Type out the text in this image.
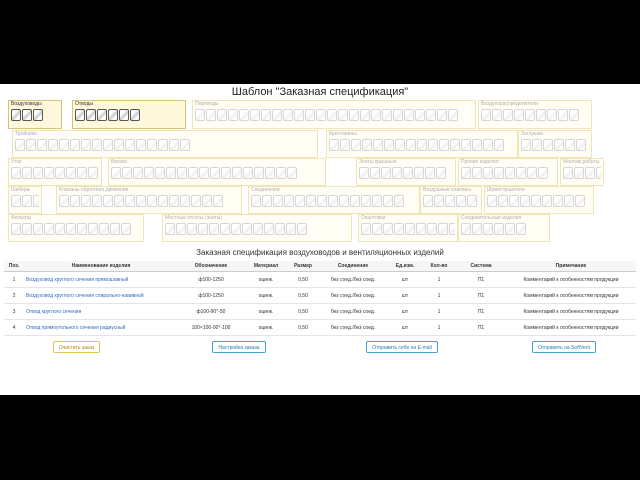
Шаблон "Заказная спецификация"
Воздуховоды	Отводы	Переходы	Воздухораспределители
Тройники	Крестовины	Заглушки
Утки	Врезки	Зонты крышные	Прочие изделия	Монтаж работы
Шиберы	Клапаны обратного движения	Соединения	Воздушные клапаны	Шумоглушители
Фильтры	Местные отсосы (зонты)	Окантовки	Соединительные изделия
Заказная спецификация воздуховодов и вентиляционных изделий
Поз.	Наименование изделия	Обозначение	Материал	Размер	Соединение	Ед.изм.	Кол-во	Система	Примечание
1	Воздуховод круглого сечения прямошовный	ф100-1250	оцинк.	0,50	без соед./без соед.	шт	1	П1	Комментарий к особенностям продукции
2	Воздуховод круглого сечения спирально-навивной	ф100-1250	оцинк.	0,50	без соед./без соед.	шт	1	П1	Комментарий к особенностям продукции
3	Отвод круглого сечения	ф100-90°-50	оцинк.	0,50	без соед./без соед.	шт	1	П1	Комментарий к особенностям продукции
4	Отвод прямоугольного сечения радиусный	100×100-90°-100	оцинк.	0,50	без соед./без соед.	шт	1	П1	Комментарий к особенностям продукции
Очистить заказ	Настройка заказа	Отправить себе на E-mail	Отправить на SoftVent
